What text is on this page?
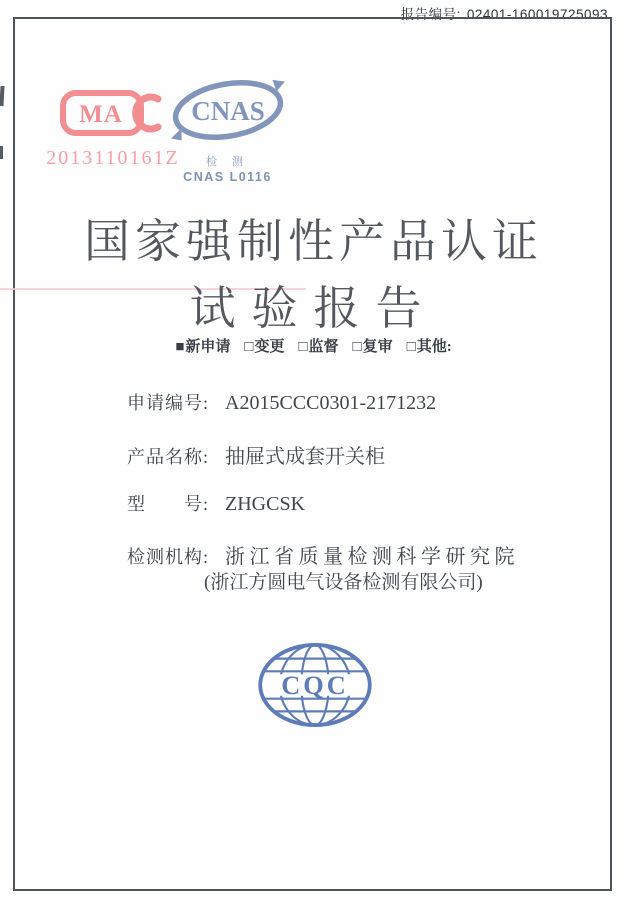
报告编号: 02401-160019725093
MA
2013110161Z
CNAS
检 测
CNAS L0116
国家强制性产品认证
试验报告
■新申请 □变更 □监督 □复审 □其他:
申请编号: A2015CCC0301-2171232
产品名称: 抽屉式成套开关柜
型　　号: ZHGCSK
检测机构: 浙江省质量检测科学研究院
(浙江方圆电气设备检测有限公司)
CQC
